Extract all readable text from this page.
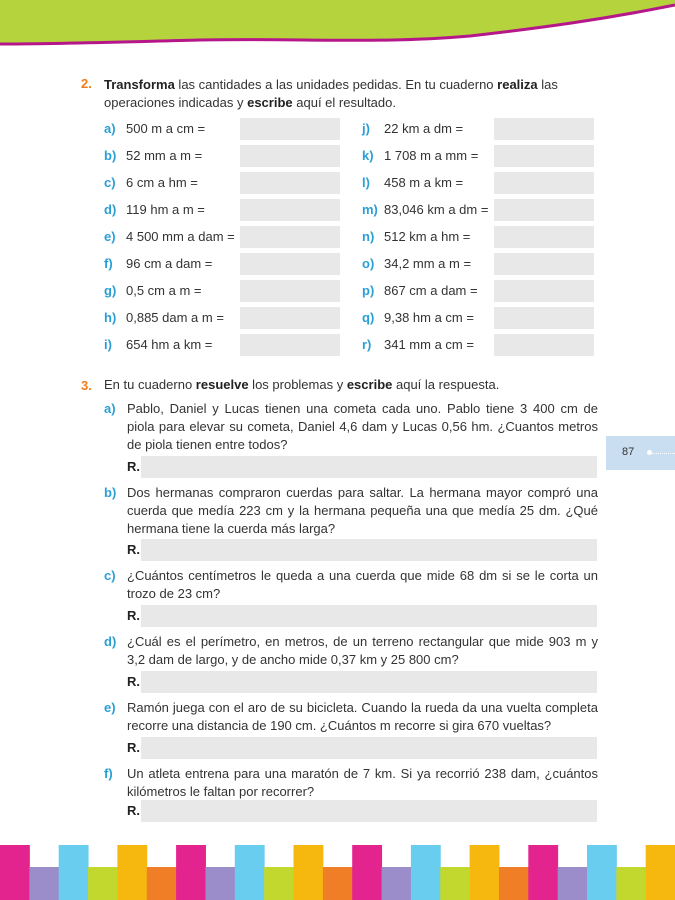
2. Transforma las cantidades a las unidades pedidas. En tu cuaderno realiza las
operaciones indicadas y escribe aquí el resultado.
a) 500 m a cm =
b) 52 mm a m =
c) 6 cm a hm =
d) 119 hm a m =
e) 4 500 mm a dam =
f) 96 cm a dam =
g) 0,5 cm a m =
h) 0,885 dam a m =
i) 654 hm a km =
j) 22 km a dm =
k) 1 708 m a mm =
l) 458 m a km =
m) 83,046 km a dm =
n) 512 km a hm =
o) 34,2 mm a m =
p) 867 cm a dam =
q) 9,38 hm a cm =
r) 341 mm a cm =
3. En tu cuaderno resuelve los problemas y escribe aquí la respuesta.
a) Pablo, Daniel y Lucas tienen una cometa cada uno. Pablo tiene 3 400 cm de piola para elevar su cometa, Daniel 4,6 dam y Lucas 0,56 hm. ¿Cuantos metros de piola tienen entre todos?
R.
b) Dos hermanas compraron cuerdas para saltar. La hermana mayor compró una cuerda que medía 223 cm y la hermana pequeña una que medía 25 dm. ¿Qué hermana tiene la cuerda más larga?
R.
c) ¿Cuántos centímetros le queda a una cuerda que mide 68 dm si se le corta un trozo de 23 cm?
R.
d) ¿Cuál es el perímetro, en metros, de un terreno rectangular que mide 903 m y 3,2 dam de largo, y de ancho mide 0,37 km y 25 800 cm?
R.
e) Ramón juega con el aro de su bicicleta. Cuando la rueda da una vuelta completa recorre una distancia de 190 cm. ¿Cuántos m recorre si gira 670 vueltas?
R.
f) Un atleta entrena para una maratón de 7 km. Si ya recorrió 238 dam, ¿cuántos kilómetros le faltan por recorrer?
R.
87
